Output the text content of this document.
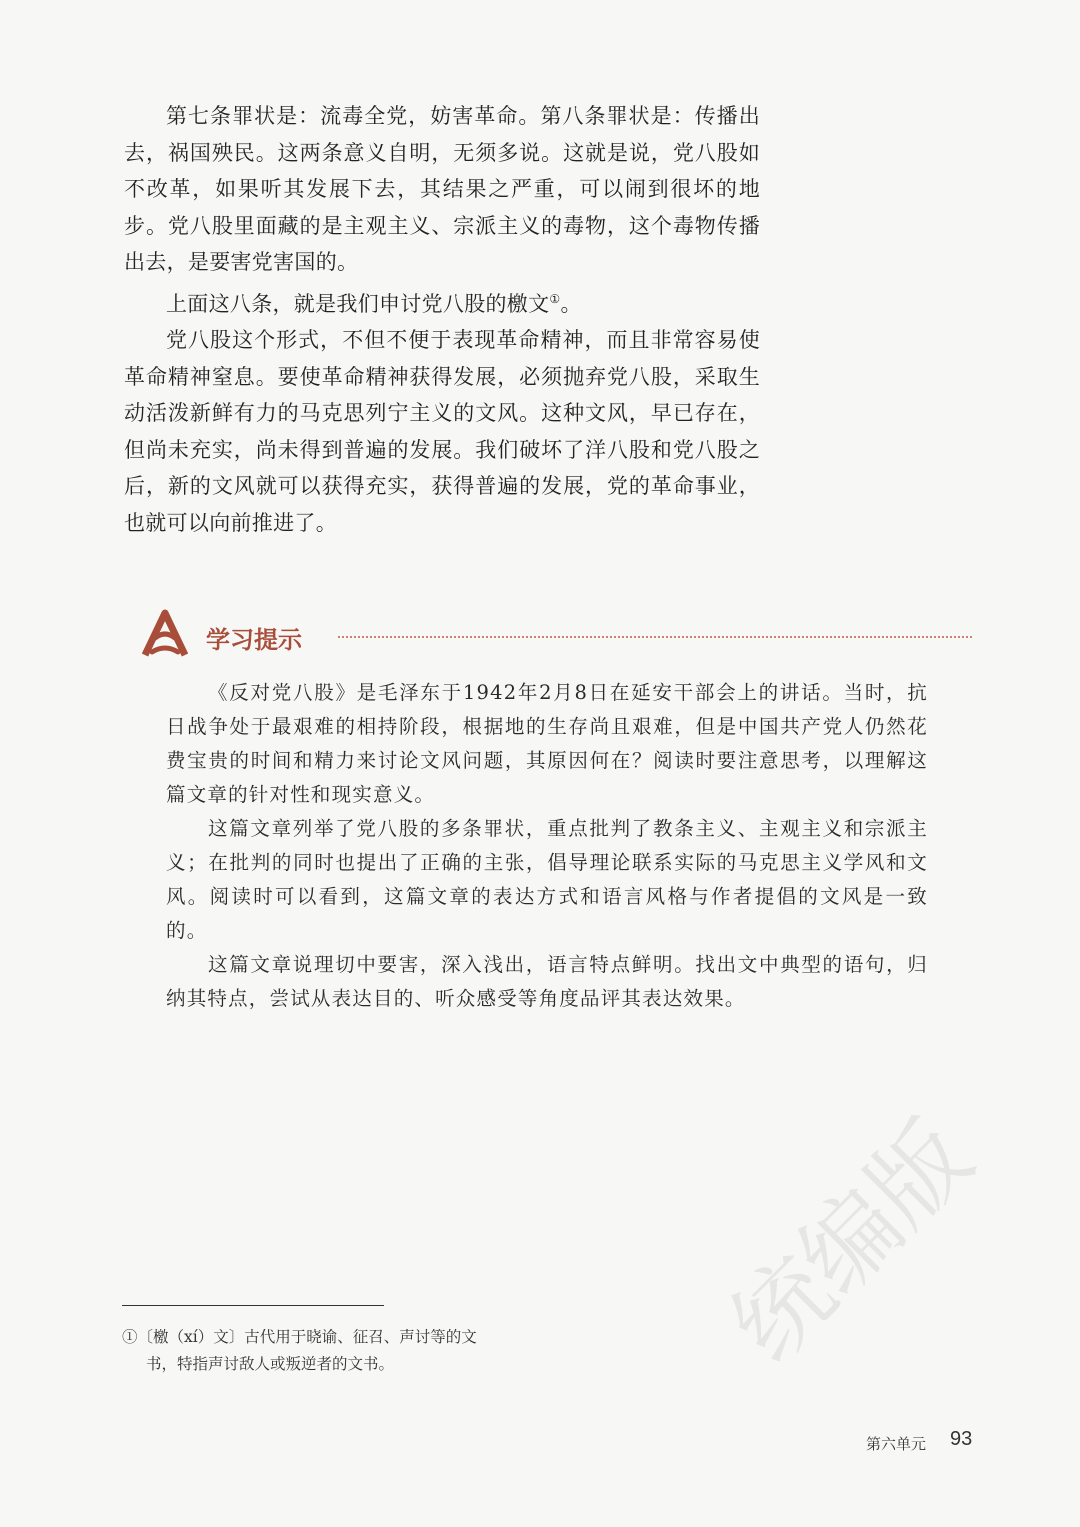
第七条罪状是：流毒全党，妨害革命。第八条罪状是：传播出去，祸国殃民。这两条意义自明，无须多说。这就是说，党八股如不改革，如果听其发展下去，其结果之严重，可以闹到很坏的地步。党八股里面藏的是主观主义、宗派主义的毒物，这个毒物传播出去，是要害党害国的。

上面这八条，就是我们申讨党八股的檄文①。

党八股这个形式，不但不便于表现革命精神，而且非常容易使革命精神窒息。要使革命精神获得发展，必须抛弃党八股，采取生动活泼新鲜有力的马克思列宁主义的文风。这种文风，早已存在，但尚未充实，尚未得到普遍的发展。我们破坏了洋八股和党八股之后，新的文风就可以获得充实，获得普遍的发展，党的革命事业，也就可以向前推进了。

学习提示

《反对党八股》是毛泽东于1942年2月8日在延安干部会上的讲话。当时，抗日战争处于最艰难的相持阶段，根据地的生存尚且艰难，但是中国共产党人仍然花费宝贵的时间和精力来讨论文风问题，其原因何在？阅读时要注意思考，以理解这篇文章的针对性和现实意义。

这篇文章列举了党八股的多条罪状，重点批判了教条主义、主观主义和宗派主义；在批判的同时也提出了正确的主张，倡导理论联系实际的马克思主义学风和文风。阅读时可以看到，这篇文章的表达方式和语言风格与作者提倡的文风是一致的。

这篇文章说理切中要害，深入浅出，语言特点鲜明。找出文中典型的语句，归纳其特点，尝试从表达目的、听众感受等角度品评其表达效果。

统编版

①〔檄（xí）文〕古代用于晓谕、征召、声讨等的文

书，特指声讨敌人或叛逆者的文书。

第六单元 93
